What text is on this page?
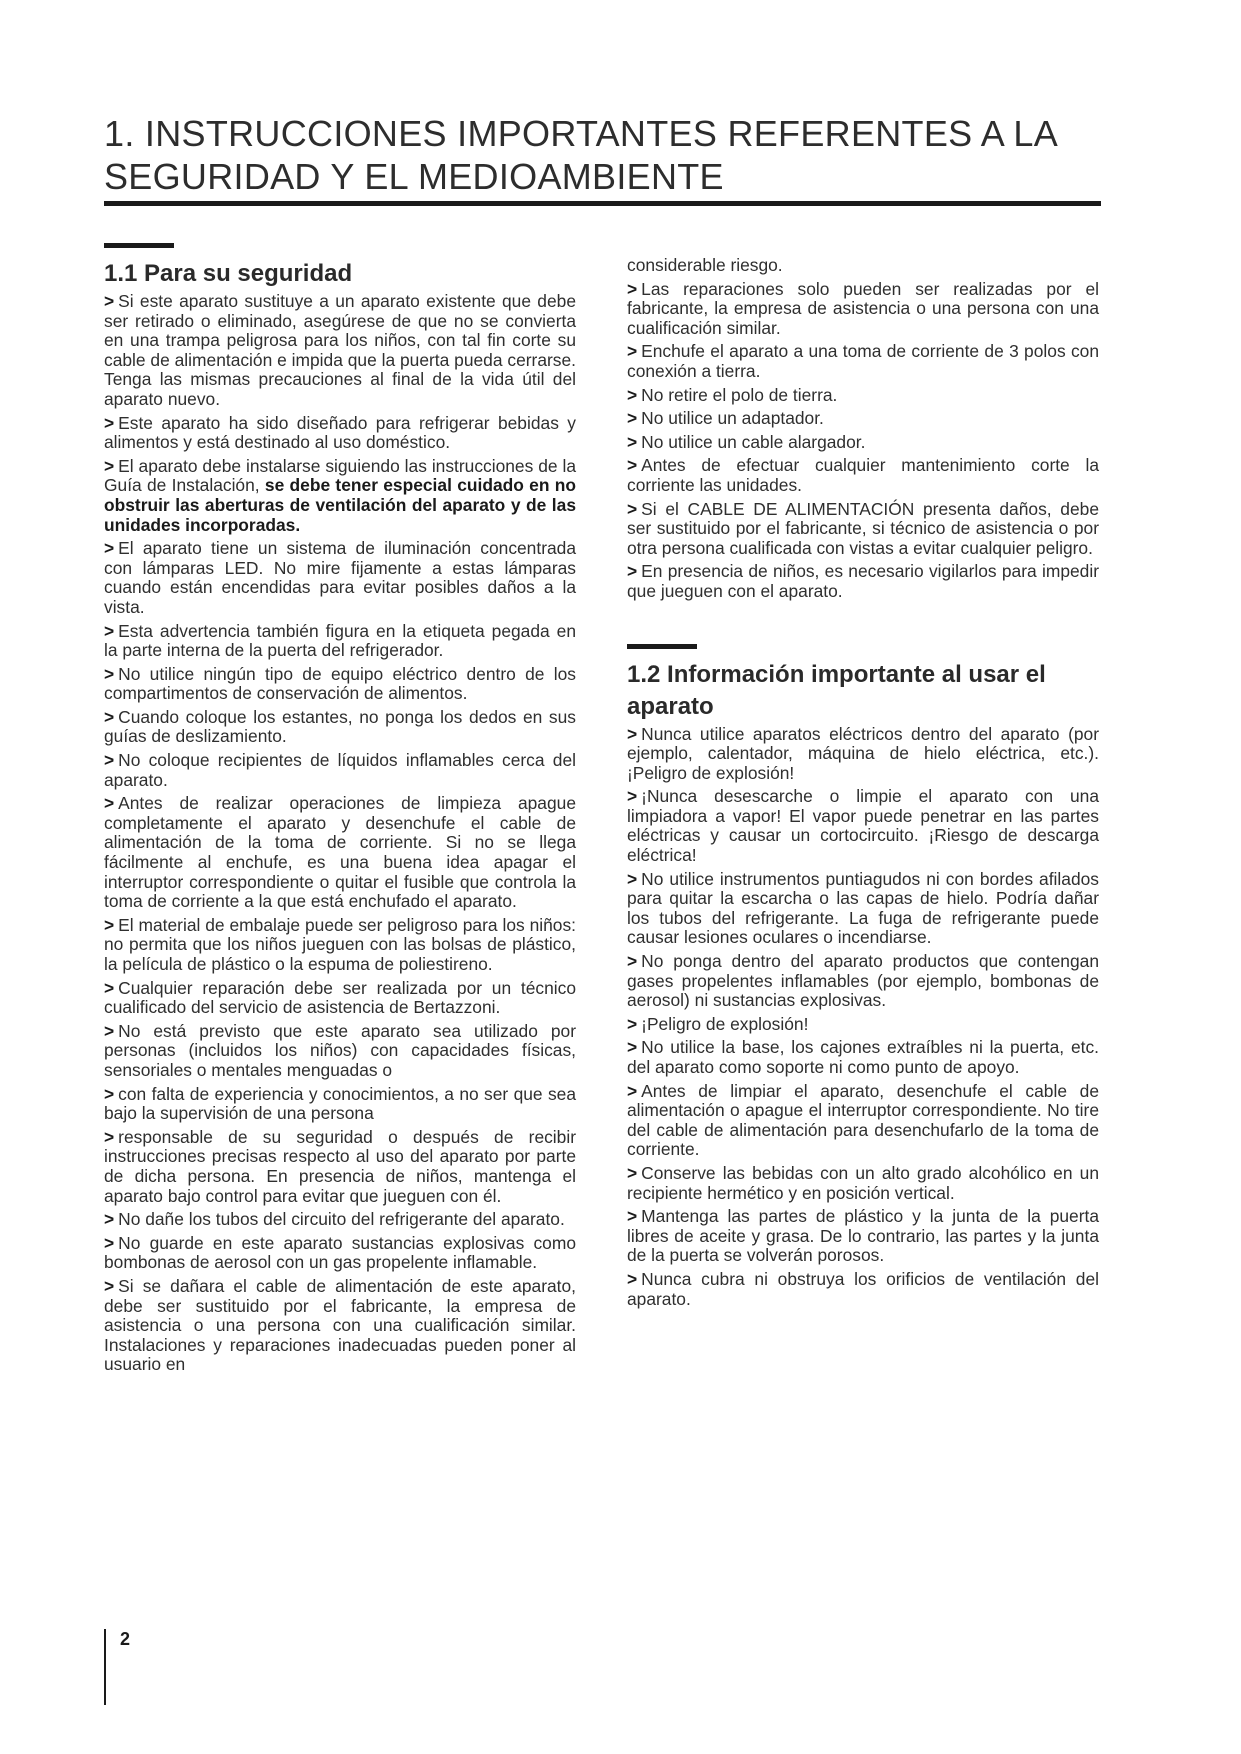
1. INSTRUCCIONES IMPORTANTES REFERENTES A LA
SEGURIDAD Y EL MEDIOAMBIENTE
1.1 Para su seguridad

> Si este aparato sustituye a un aparato existente que debe ser retirado o eliminado, asegúrese de que no se convierta en una trampa peligrosa para los niños, con tal fin corte su cable de alimentación e impida que la puerta pueda cerrarse. Tenga las mismas precauciones al final de la vida útil del aparato nuevo.

> Este aparato ha sido diseñado para refrigerar bebidas y alimentos y está destinado al uso doméstico.

> El aparato debe instalarse siguiendo las instrucciones de la Guía de Instalación, se debe tener especial cuidado en no obstruir las aberturas de ventilación del aparato y de las unidades incorporadas.

> El aparato tiene un sistema de iluminación concentrada con lámparas LED. No mire fijamente a estas lámparas cuando están encendidas para evitar posibles daños a la vista.

> Esta advertencia también figura en la etiqueta pegada en la parte interna de la puerta del refrigerador.

> No utilice ningún tipo de equipo eléctrico dentro de los compartimentos de conservación de alimentos.

> Cuando coloque los estantes, no ponga los dedos en sus guías de deslizamiento.

> No coloque recipientes de líquidos inflamables cerca del aparato.

> Antes de realizar operaciones de limpieza apague completamente el aparato y desenchufe el cable de alimentación de la toma de corriente. Si no se llega fácilmente al enchufe, es una buena idea apagar el interruptor correspondiente o quitar el fusible que controla la toma de corriente a la que está enchufado el aparato.

> El material de embalaje puede ser peligroso para los niños: no permita que los niños jueguen con las bolsas de plástico, la película de plástico o la espuma de poliestireno.

> Cualquier reparación debe ser realizada por un técnico cualificado del servicio de asistencia de Bertazzoni.

> No está previsto que este aparato sea utilizado por personas (incluidos los niños) con capacidades físicas, sensoriales o mentales menguadas o

> con falta de experiencia y conocimientos, a no ser que sea bajo la supervisión de una persona

> responsable de su seguridad o después de recibir instrucciones precisas respecto al uso del aparato por parte de dicha persona. En presencia de niños, mantenga el aparato bajo control para evitar que jueguen con él.

> No dañe los tubos del circuito del refrigerante del aparato.

> No guarde en este aparato sustancias explosivas como bombonas de aerosol con un gas propelente inflamable.

> Si se dañara el cable de alimentación de este aparato, debe ser sustituido por el fabricante, la empresa de asistencia o una persona con una cualificación similar. Instalaciones y reparaciones inadecuadas pueden poner al usuario en

considerable riesgo.

> Las reparaciones solo pueden ser realizadas por el fabricante, la empresa de asistencia o una persona con una cualificación similar.

> Enchufe el aparato a una toma de corriente de 3 polos con conexión a tierra.

> No retire el polo de tierra.

> No utilice un adaptador.

> No utilice un cable alargador.

> Antes de efectuar cualquier mantenimiento corte la corriente las unidades.

> Si el CABLE DE ALIMENTACIÓN presenta daños, debe ser sustituido por el fabricante, si técnico de asistencia o por otra persona cualificada con vistas a evitar cualquier peligro.

> En presencia de niños, es necesario vigilarlos para impedir que jueguen con el aparato.

1.2 Información importante al usar el aparato

> Nunca utilice aparatos eléctricos dentro del aparato (por ejemplo, calentador, máquina de hielo eléctrica, etc.). ¡Peligro de explosión!

> ¡Nunca desescarche o limpie el aparato con una limpiadora a vapor! El vapor puede penetrar en las partes eléctricas y causar un cortocircuito. ¡Riesgo de descarga eléctrica!

> No utilice instrumentos puntiagudos ni con bordes afilados para quitar la escarcha o las capas de hielo. Podría dañar los tubos del refrigerante. La fuga de refrigerante puede causar lesiones oculares o incendiarse.

> No ponga dentro del aparato productos que contengan gases propelentes inflamables (por ejemplo, bombonas de aerosol) ni sustancias explosivas.

> ¡Peligro de explosión!

> No utilice la base, los cajones extraíbles ni la puerta, etc. del aparato como soporte ni como punto de apoyo.

> Antes de limpiar el aparato, desenchufe el cable de alimentación o apague el interruptor correspondiente. No tire del cable de alimentación para desenchufarlo de la toma de corriente.

> Conserve las bebidas con un alto grado alcohólico en un recipiente hermético y en posición vertical.

> Mantenga las partes de plástico y la junta de la puerta libres de aceite y grasa. De lo contrario, las partes y la junta de la puerta se volverán porosos.

> Nunca cubra ni obstruya los orificios de ventilación del aparato.

2
